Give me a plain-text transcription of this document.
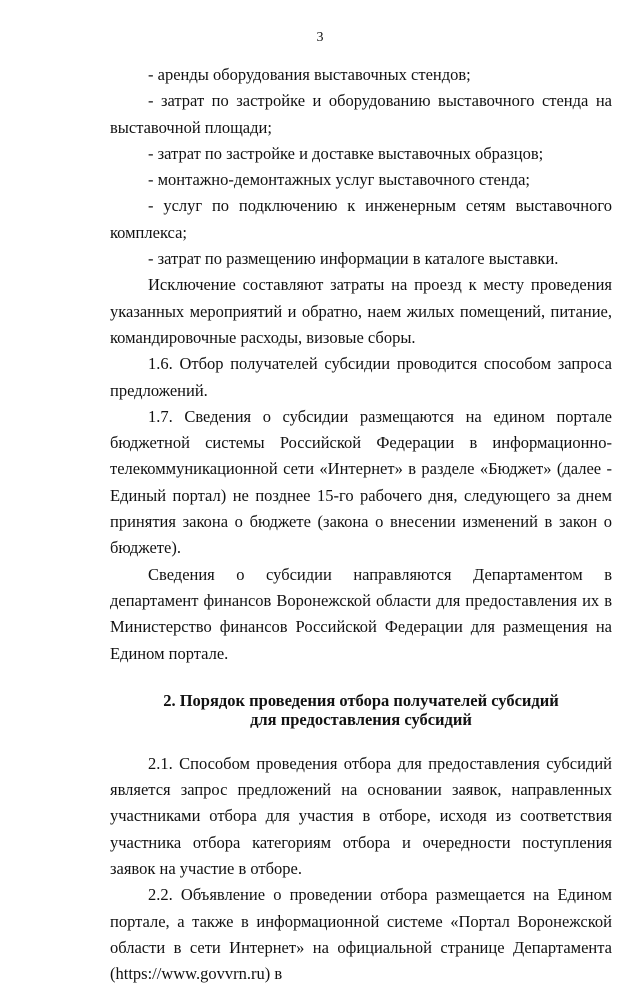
3

- аренды оборудования выставочных стендов;

- затрат по застройке и оборудованию выставочного стенда на выставочной площади;

- затрат по застройке и доставке выставочных образцов;

- монтажно-демонтажных услуг выставочного стенда;

- услуг по подключению к инженерным сетям выставочного комплекса;

- затрат по размещению информации в каталоге выставки.

Исключение составляют затраты на проезд к месту проведения указанных мероприятий и обратно, наем жилых помещений, питание, командировочные расходы, визовые сборы.

1.6. Отбор получателей субсидии проводится способом запроса предложений.

1.7. Сведения о субсидии размещаются на едином портале бюджетной системы Российской Федерации в информационно-телекоммуникационной сети «Интернет» в разделе «Бюджет» (далее - Единый портал) не позднее 15-го рабочего дня, следующего за днем принятия закона о бюджете (закона о внесении изменений в закон о бюджете).

Сведения о субсидии направляются Департаментом в департамент финансов Воронежской области для предоставления их в Министерство финансов Российской Федерации для размещения на Едином портале.

2. Порядок проведения отбора получателей субсидий
для предоставления субсидий

2.1. Способом проведения отбора для предоставления субсидий является запрос предложений на основании заявок, направленных участниками отбора для участия в отборе, исходя из соответствия участника отбора категориям отбора и очередности поступления заявок на участие в отборе.

2.2. Объявление о проведении отбора размещается на Едином портале, а также в информационной системе «Портал Воронежской области в сети Интернет» на официальной странице Департамента (https://www.govvrn.ru) в
